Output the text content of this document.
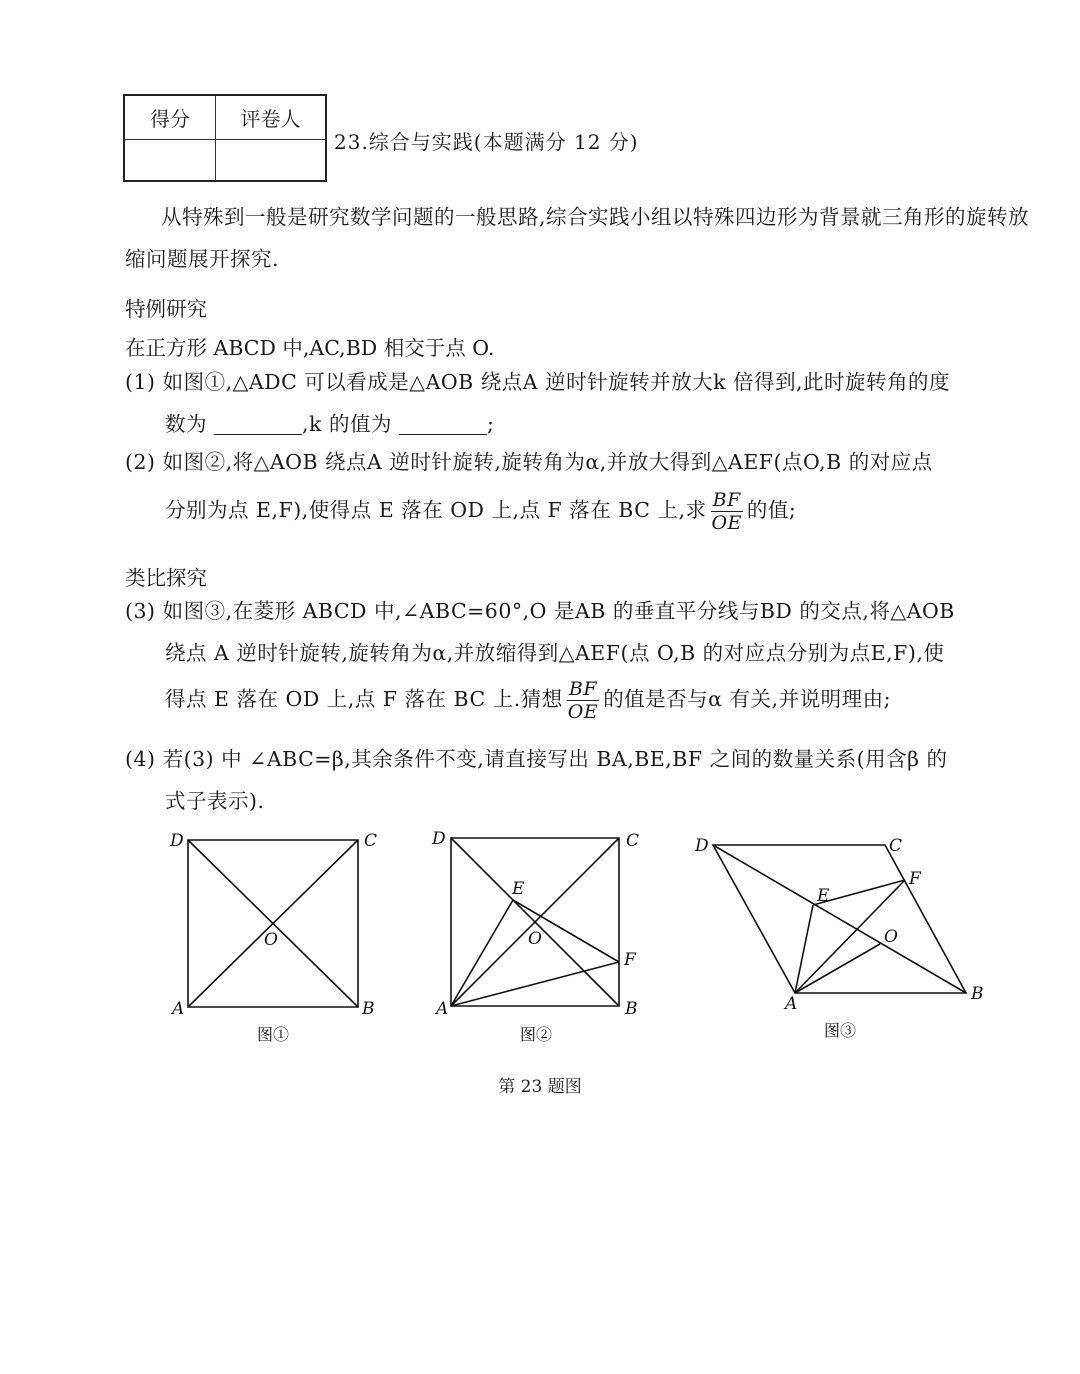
得分	评卷人
23.综合与实践(本题满分 12 分)
从特殊到一般是研究数学问题的一般思路,综合实践小组以特殊四边形为背景就三角形的旋转放缩问题展开探究.
特例研究
在正方形 ABCD 中,AC,BD 相交于点 O.
(1) 如图①,△ADC 可以看成是△AOB 绕点A 逆时针旋转并放大k 倍得到,此时旋转角的度
数为	,k 的值为	;
(2) 如图②,将△AOB 绕点A 逆时针旋转,旋转角为α,并放大得到△AEF(点O,B 的对应点
分别为点 E,F),使得点 E 落在 OD 上,点 F 落在 BC 上,求 $\frac{BF}{OE}$ 的值;
类比探究
(3) 如图③,在菱形 ABCD 中,∠ABC=60°,O 是AB 的垂直平分线与BD 的交点,将△AOB
绕点 A 逆时针旋转,旋转角为α,并放缩得到△AEF(点 O,B 的对应点分别为点E,F),使
得点 E 落在 OD 上,点 F 落在 BC 上.猜想 $\frac{BF}{OE}$ 的值是否与α 有关,并说明理由;
(4) 若(3) 中 ∠ABC=β,其余条件不变,请直接写出 BA,BE,BF 之间的数量关系(用含β 的
式子表示).
D	C
A	B
O
图①
D	C
A	B
O
E
F
图②
D	C
A	B
O
E
F
图③
第 23 题图
